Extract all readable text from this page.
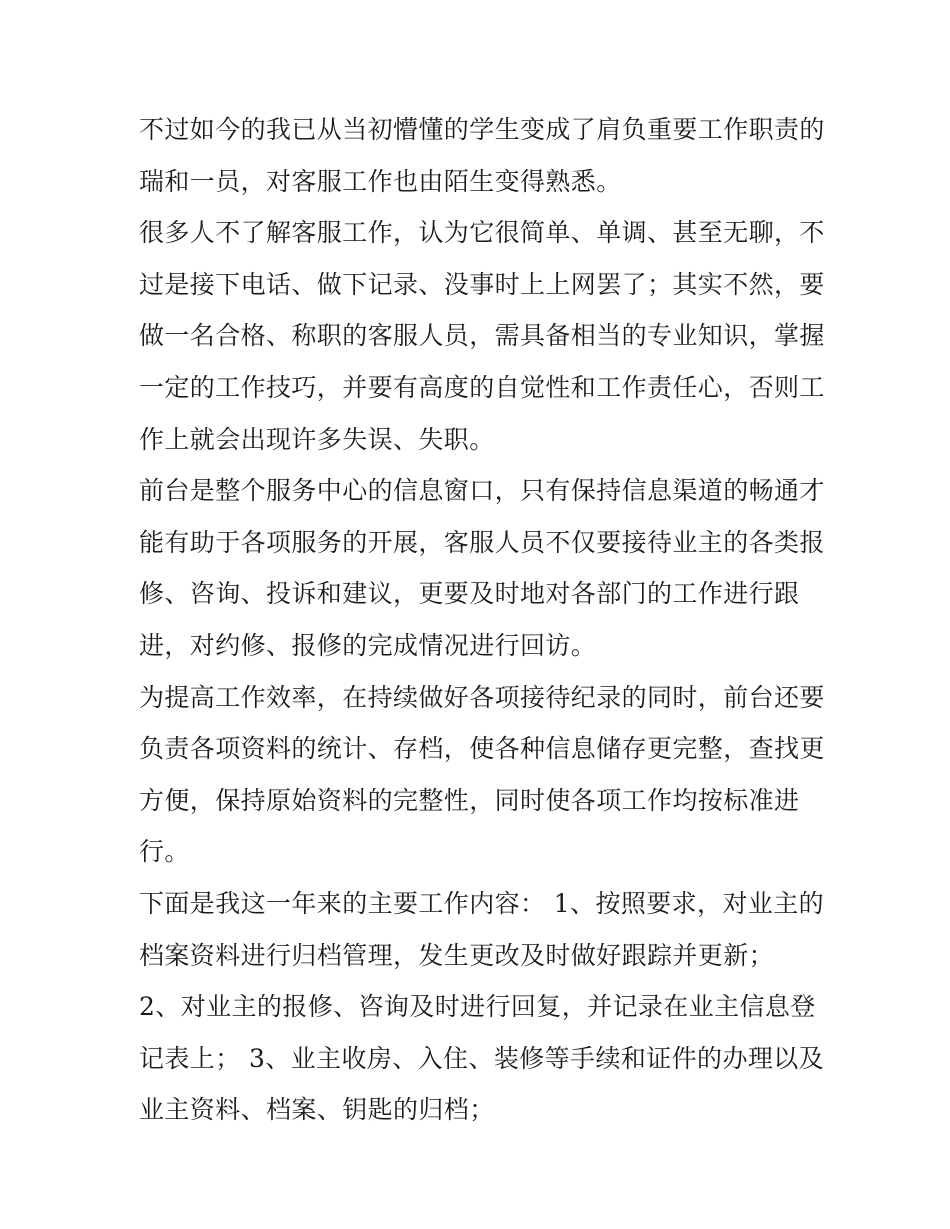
不过如今的我已从当初懵懂的学生变成了肩负重要工作职责的
瑞和一员，对客服工作也由陌生变得熟悉。
很多人不了解客服工作，认为它很简单、单调、甚至无聊，不
过是接下电话、做下记录、没事时上上网罢了；其实不然，要
做一名合格、称职的客服人员，需具备相当的专业知识，掌握
一定的工作技巧，并要有高度的自觉性和工作责任心，否则工
作上就会出现许多失误、失职。
前台是整个服务中心的信息窗口，只有保持信息渠道的畅通才
能有助于各项服务的开展，客服人员不仅要接待业主的各类报
修、咨询、投诉和建议，更要及时地对各部门的工作进行跟
进，对约修、报修的完成情况进行回访。
为提高工作效率，在持续做好各项接待纪录的同时，前台还要
负责各项资料的统计、存档，使各种信息储存更完整，查找更
方便，保持原始资料的完整性，同时使各项工作均按标准进
行。
下面是我这一年来的主要工作内容： 1、按照要求，对业主的
档案资料进行归档管理，发生更改及时做好跟踪并更新；
2、对业主的报修、咨询及时进行回复，并记录在业主信息登
记表上； 3、业主收房、入住、装修等手续和证件的办理以及
业主资料、档案、钥匙的归档；
